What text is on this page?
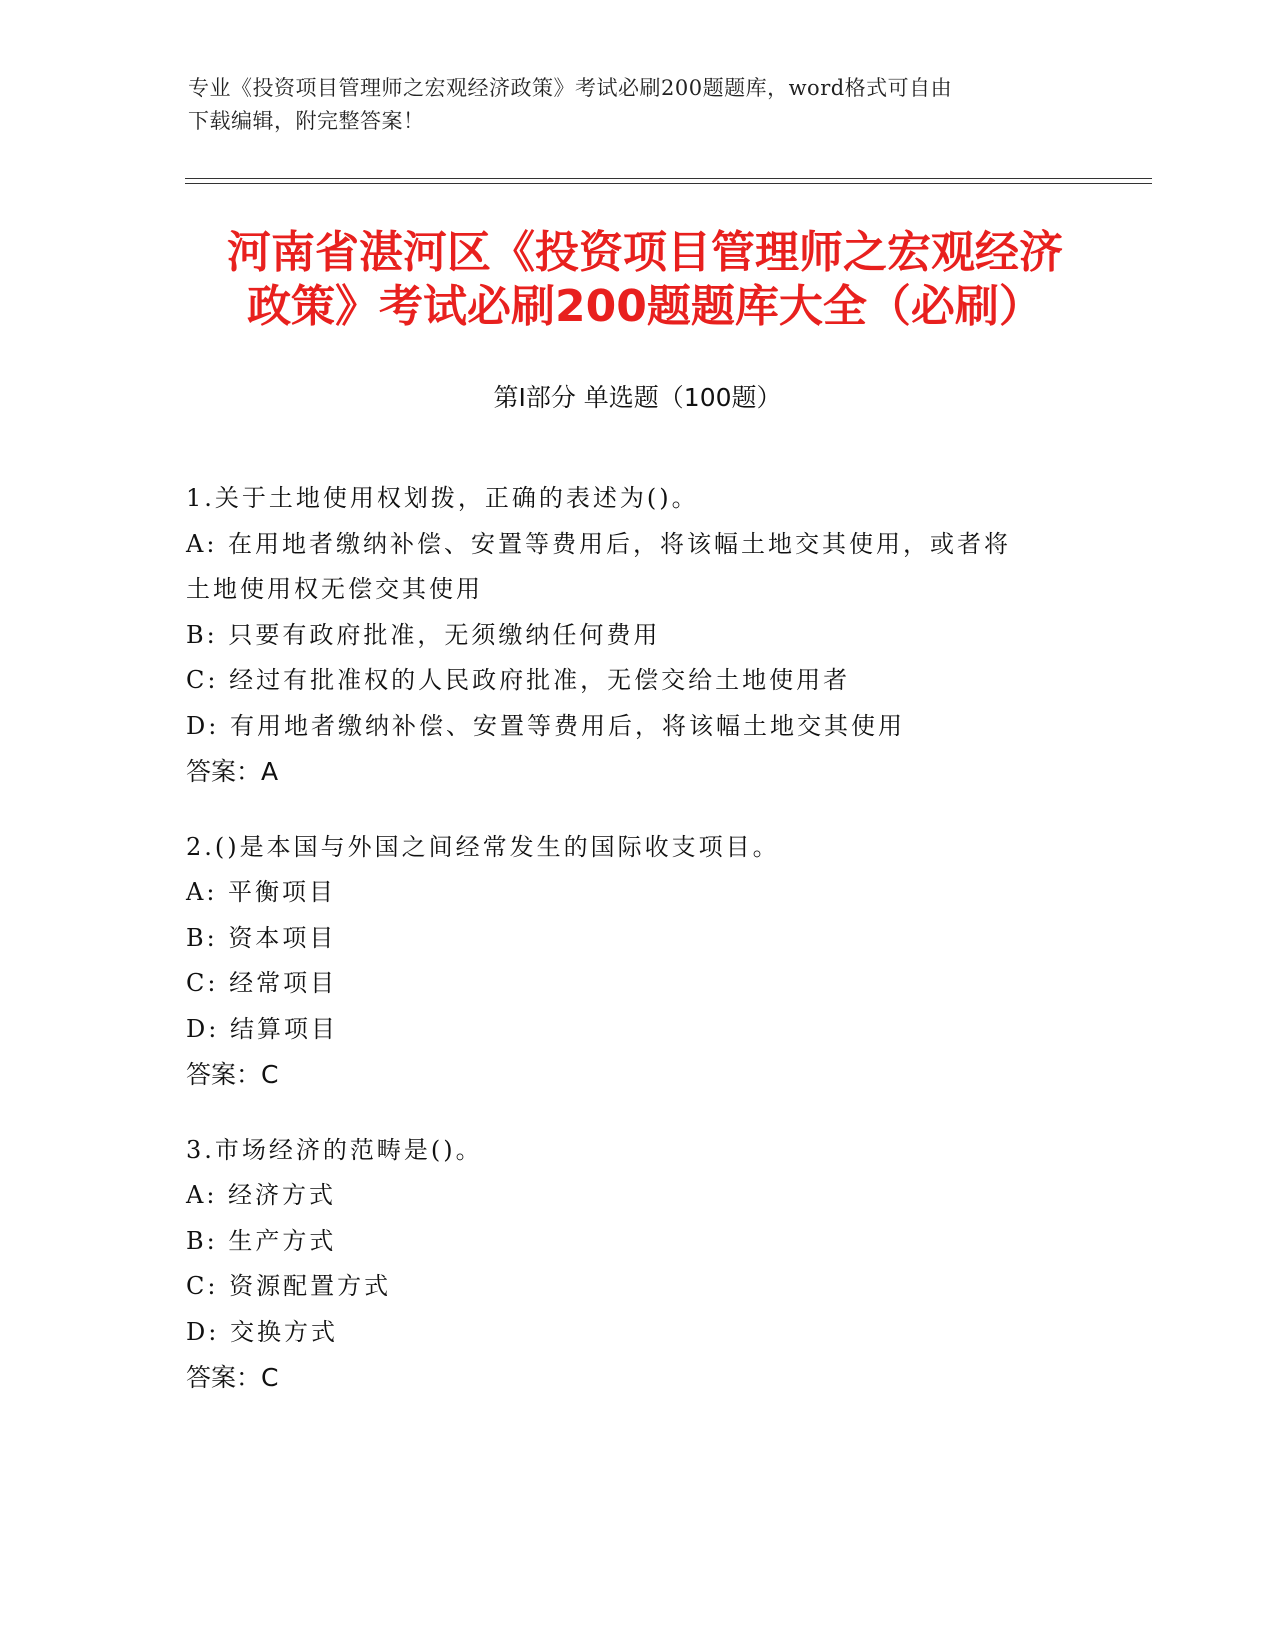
专业《投资项目管理师之宏观经济政策》考试必刷200题题库，word格式可自由
下载编辑，附完整答案！
河南省湛河区《投资项目管理师之宏观经济
政策》考试必刷200题题库大全（必刷）
第I部分 单选题（100题）
1.关于土地使用权划拨，正确的表述为()。
A: 在用地者缴纳补偿、安置等费用后，将该幅土地交其使用，或者将
土地使用权无偿交其使用
B: 只要有政府批准，无须缴纳任何费用
C: 经过有批准权的人民政府批准，无偿交给土地使用者
D: 有用地者缴纳补偿、安置等费用后，将该幅土地交其使用
答案：A
2.()是本国与外国之间经常发生的国际收支项目。
A: 平衡项目
B: 资本项目
C: 经常项目
D: 结算项目
答案：C
3.市场经济的范畴是()。
A: 经济方式
B: 生产方式
C: 资源配置方式
D: 交换方式
答案：C
